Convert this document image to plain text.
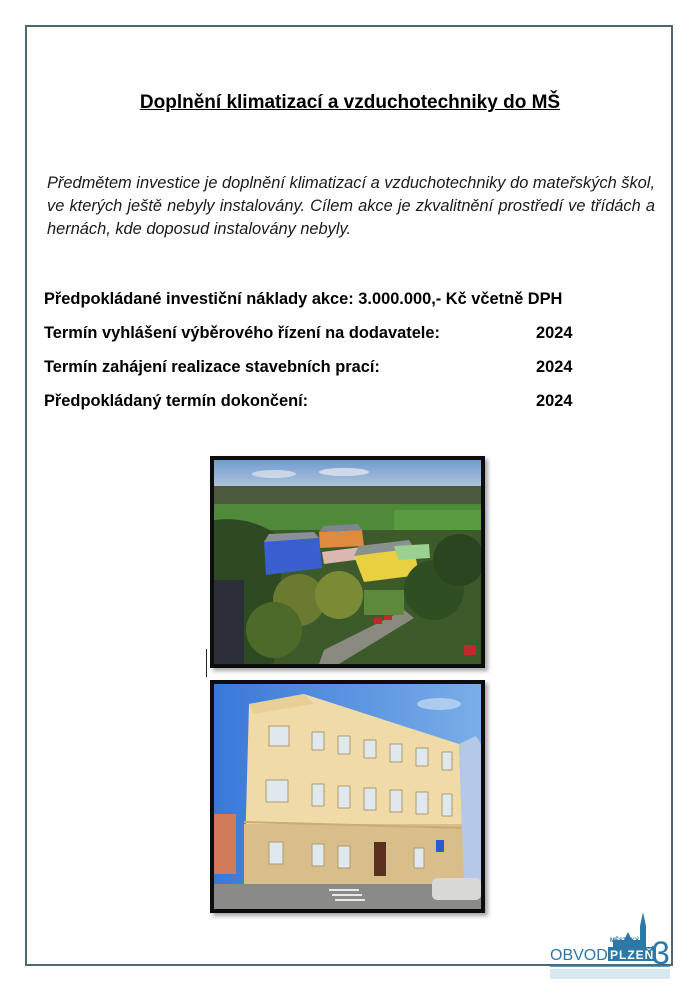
Doplnění klimatizací a vzduchotechniky do MŠ
Předmětem investice je doplnění klimatizací a vzduchotechniky do mateřských škol, ve kterých ještě nebyly instalovány. Cílem akce je zkvalitnění prostředí ve třídách a hernách, kde doposud instalovány nebyly.
Předpokládané investiční náklady akce: 3.000.000,- Kč včetně DPH
Termín vyhlášení výběrového řízení na dodavatele:	2024
Termín zahájení realizace stavebních prací:	2024
Předpokládaný termín dokončení:	2024
MĚSTSKÝ
OBVOD PLZEŇ
3
